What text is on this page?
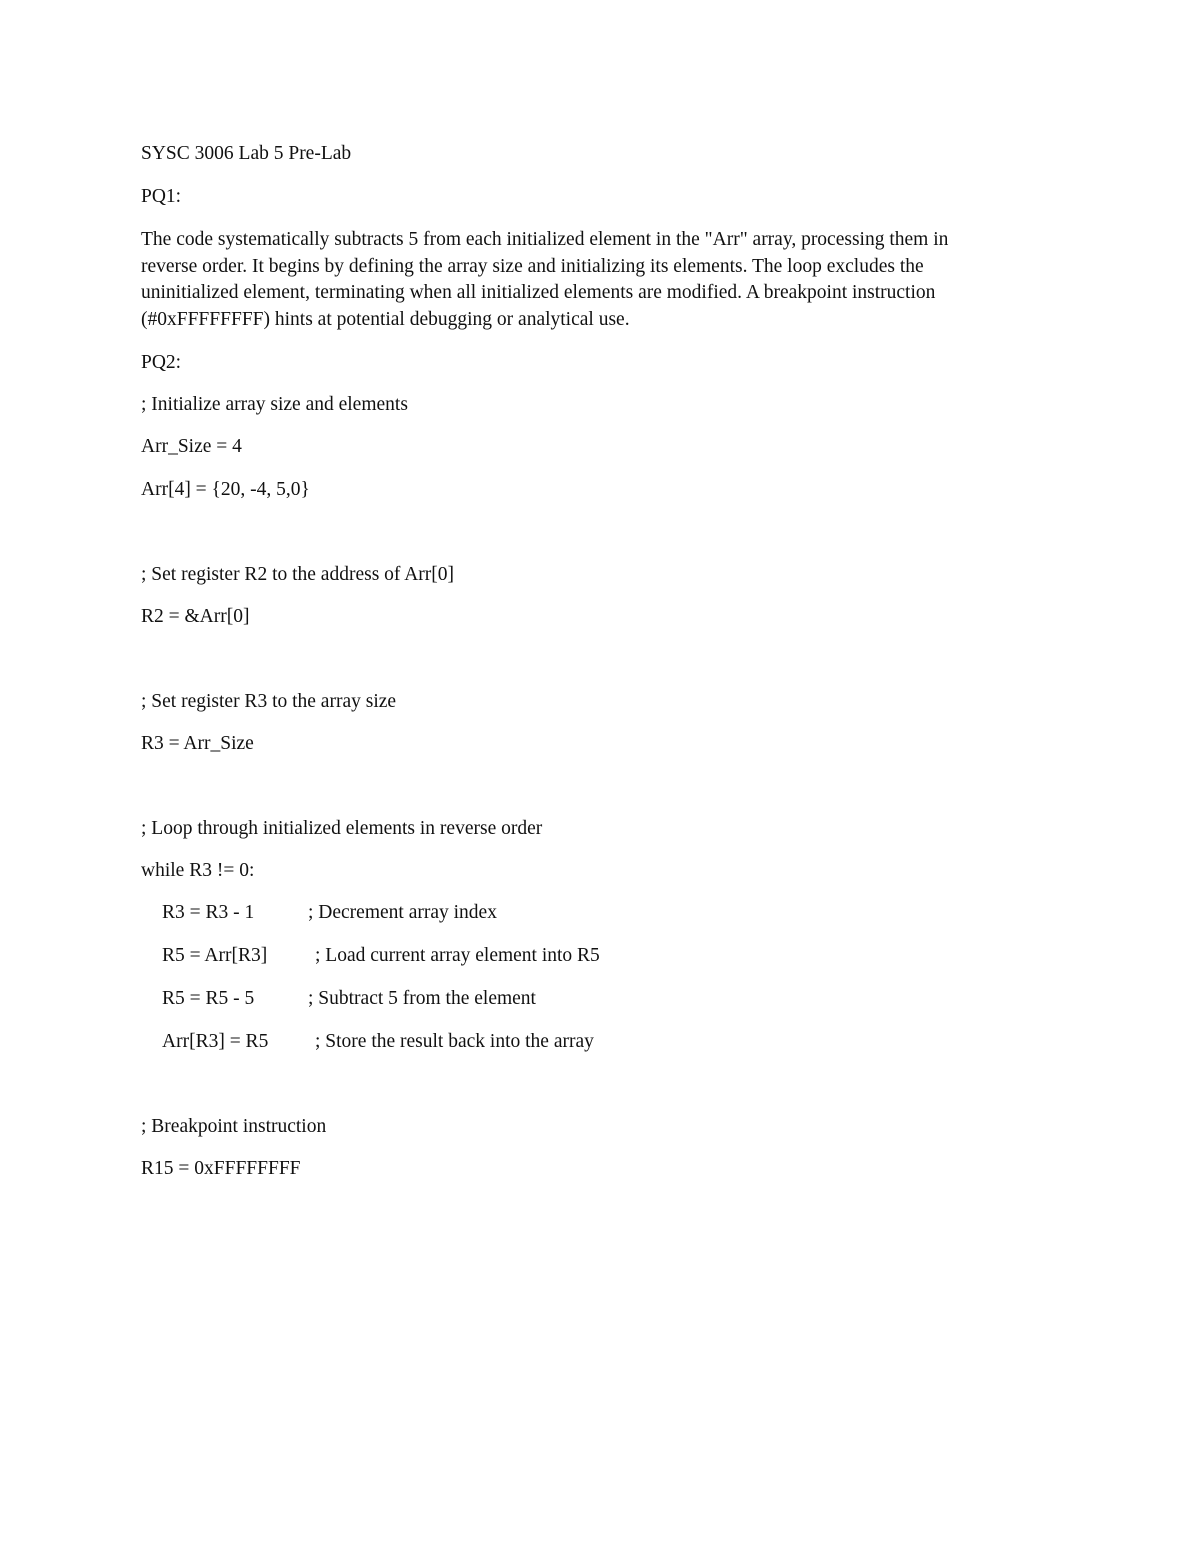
SYSC 3006 Lab 5 Pre-Lab
PQ1:
The code systematically subtracts 5 from each initialized element in the "Arr" array, processing them in
reverse order. It begins by defining the array size and initializing its elements. The loop excludes the
uninitialized element, terminating when all initialized elements are modified. A breakpoint instruction
(#0xFFFFFFFF) hints at potential debugging or analytical use.
PQ2:
; Initialize array size and elements
Arr_Size = 4
Arr[4] = {20, -4, 5,0}
; Set register R2 to the address of Arr[0]
R2 = &Arr[0]
; Set register R3 to the array size
R3 = Arr_Size
; Loop through initialized elements in reverse order
while R3 != 0:
R3 = R3 - 1	; Decrement array index
R5 = Arr[R3] ; Load current array element into R5
R5 = R5 - 5	; Subtract 5 from the element
Arr[R3] = R5 ; Store the result back into the array
; Breakpoint instruction
R15 = 0xFFFFFFFF
